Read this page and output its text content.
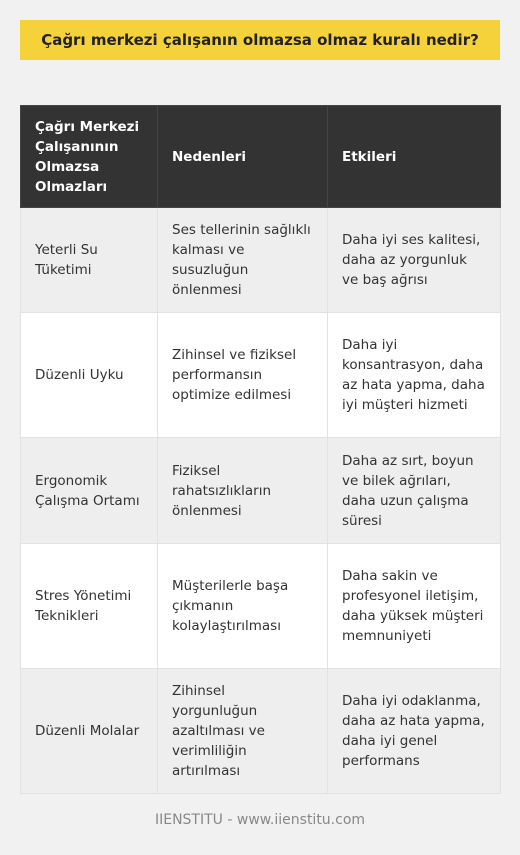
Çağrı merkezi çalışanın olmazsa olmaz kuralı nedir?
Çağrı Merkezi Çalışanının Olmazsa Olmazları	Nedenleri	Etkileri
Yeterli Su Tüketimi	Ses tellerinin sağlıklı kalması ve susuzluğun önlenmesi	Daha iyi ses kalitesi, daha az yorgunluk ve baş ağrısı
Düzenli Uyku	Zihinsel ve fiziksel performansın optimize edilmesi	Daha iyi konsantrasyon, daha az hata yapma, daha iyi müşteri hizmeti
Ergonomik Çalışma Ortamı	Fiziksel rahatsızlıkların önlenmesi	Daha az sırt, boyun ve bilek ağrıları, daha uzun çalışma süresi
Stres Yönetimi Teknikleri	Müşterilerle başa çıkmanın kolaylaştırılması	Daha sakin ve profesyonel iletişim, daha yüksek müşteri memnuniyeti
Düzenli Molalar	Zihinsel yorgunluğun azaltılması ve verimliliğin artırılması	Daha iyi odaklanma, daha az hata yapma, daha iyi genel performans
IIENSTITU - www.iienstitu.com
